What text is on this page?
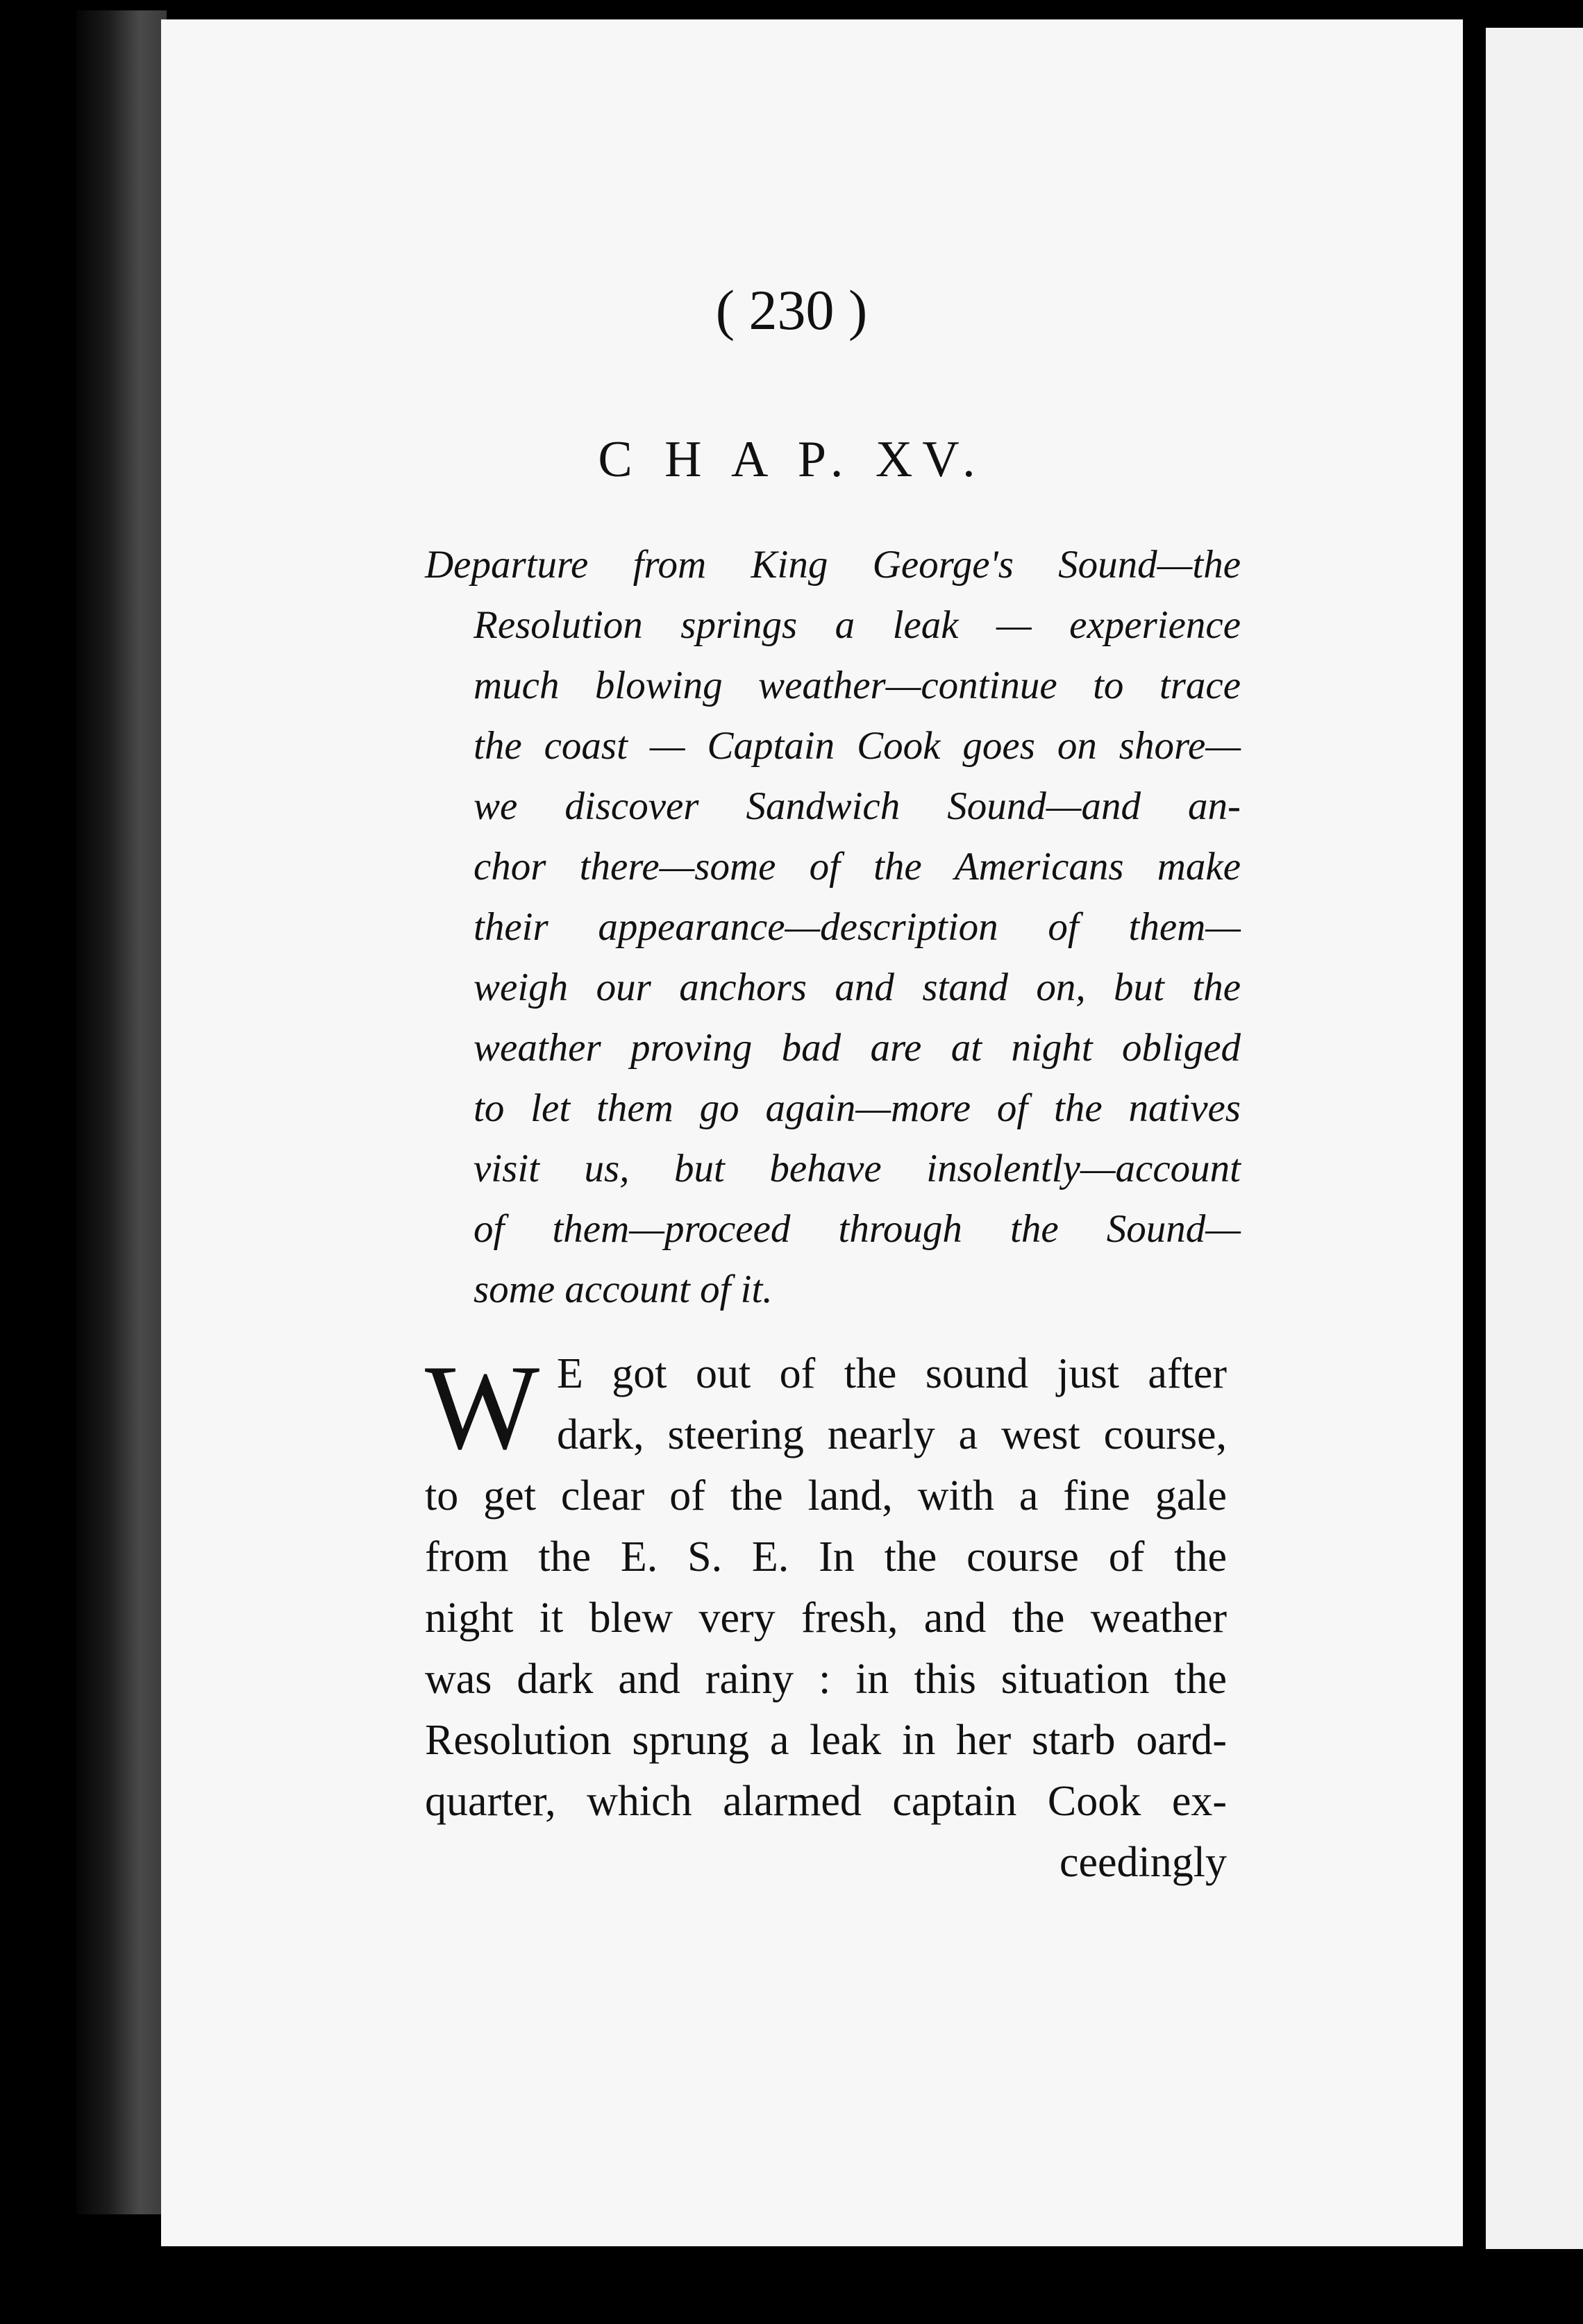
( 230 )
C H A P. XV.
Departure from King George's Sound—the
Resolution springs a leak — experience
much blowing weather—continue to trace
the coast — Captain Cook goes on shore—
we discover Sandwich Sound—and an-
chor there—some of the Americans make
their appearance—description of them—
weigh our anchors and stand on, but the
weather proving bad are at night obliged
to let them go again—more of the natives
visit us, but behave insolently—account
of them—proceed through the Sound—
some account of it.
W E got out of the sound just after
dark, steering nearly a west course,
to get clear of the land, with a fine gale
from the E. S. E. In the course of the
night it blew very fresh, and the weather
was dark and rainy : in this situation the
Resolution sprung a leak in her starb oard-
quarter, which alarmed captain Cook ex-
ceedingly
